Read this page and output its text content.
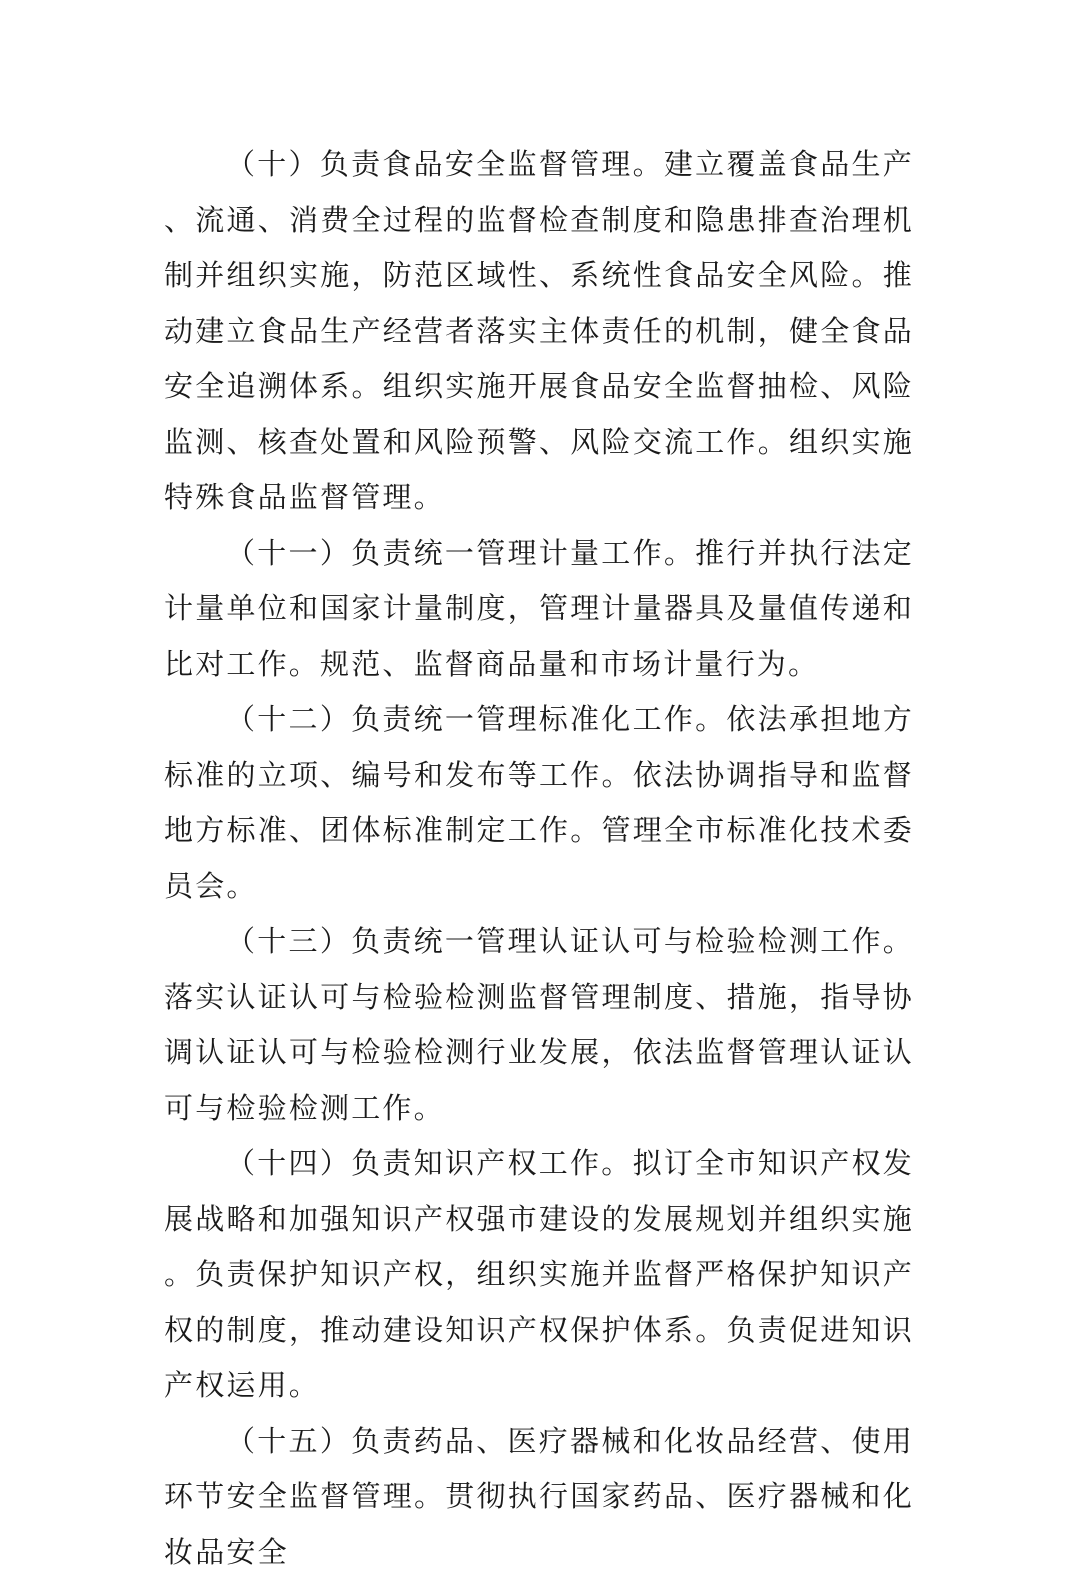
（十）负责食品安全监督管理。建立覆盖食品生产、流通、消费全过程的监督检查制度和隐患排查治理机制并组织实施，防范区域性、系统性食品安全风险。推动建立食品生产经营者落实主体责任的机制，健全食品安全追溯体系。组织实施开展食品安全监督抽检、风险监测、核查处置和风险预警、风险交流工作。组织实施特殊食品监督管理。

（十一）负责统一管理计量工作。推行并执行法定计量单位和国家计量制度，管理计量器具及量值传递和比对工作。规范、监督商品量和市场计量行为。

（十二）负责统一管理标准化工作。依法承担地方标准的立项、编号和发布等工作。依法协调指导和监督地方标准、团体标准制定工作。管理全市标准化技术委员会。

（十三）负责统一管理认证认可与检验检测工作。落实认证认可与检验检测监督管理制度、措施，指导协调认证认可与检验检测行业发展，依法监督管理认证认可与检验检测工作。

（十四）负责知识产权工作。拟订全市知识产权发展战略和加强知识产权强市建设的发展规划并组织实施。负责保护知识产权，组织实施并监督严格保护知识产权的制度，推动建设知识产权保护体系。负责促进知识产权运用。

（十五）负责药品、医疗器械和化妆品经营、使用环节安全监督管理。贯彻执行国家药品、医疗器械和化妆品安全
